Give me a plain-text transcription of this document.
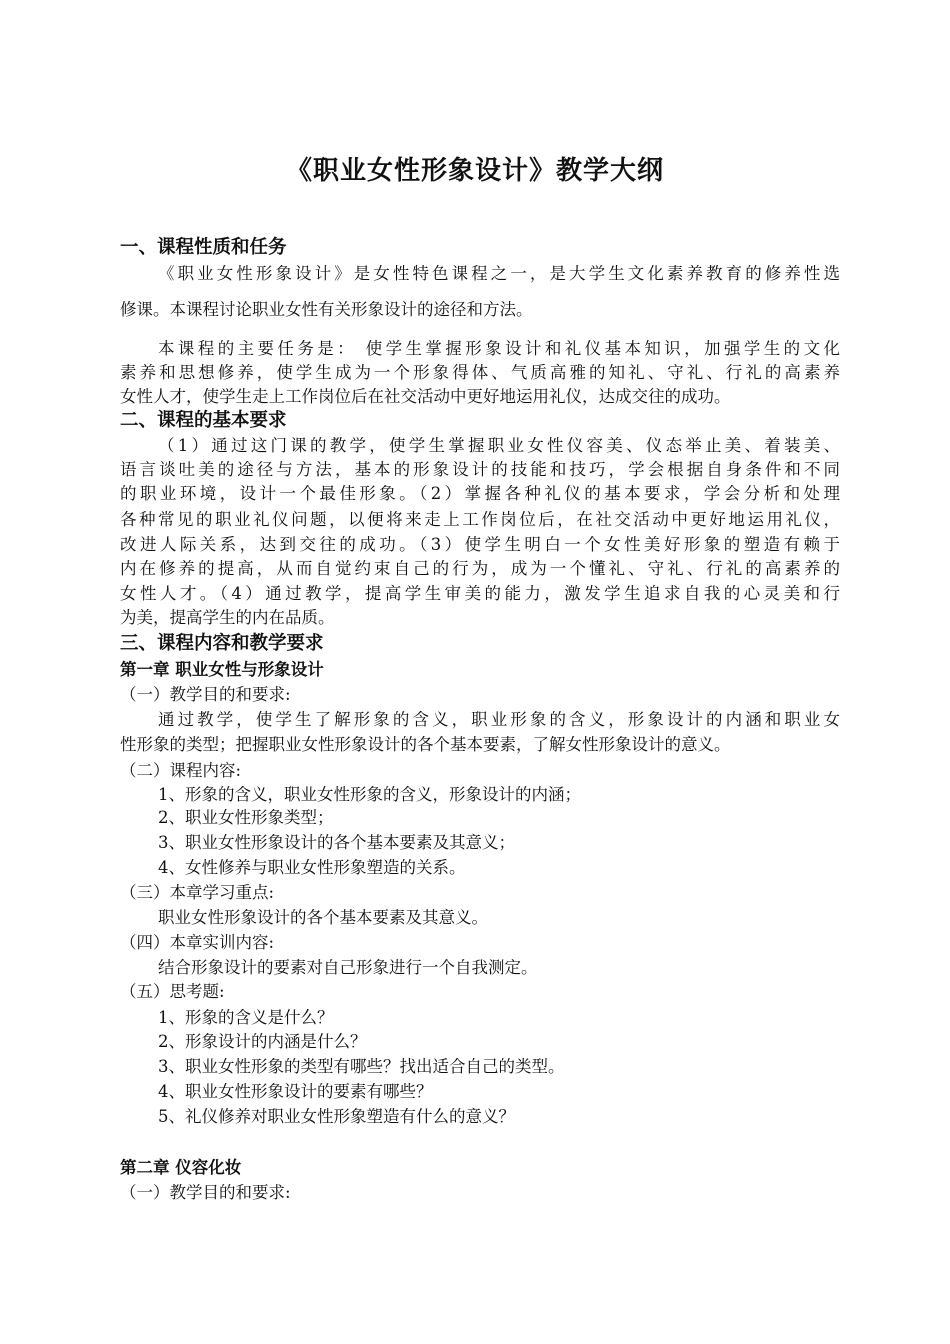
《职业女性形象设计》教学大纲
一、课程性质和任务
《职业女性形象设计》是女性特色课程之一，是大学生文化素养教育的修养性选
修课。本课程讨论职业女性有关形象设计的途径和方法。
本课程的主要任务是： 使学生掌握形象设计和礼仪基本知识，加强学生的文化
素养和思想修养，使学生成为一个形象得体、气质高雅的知礼、守礼、行礼的高素养
女性人才，使学生走上工作岗位后在社交活动中更好地运用礼仪，达成交往的成功。
二、课程的基本要求
（1）通过这门课的教学，使学生掌握职业女性仪容美、仪态举止美、着装美、
语言谈吐美的途径与方法，基本的形象设计的技能和技巧，学会根据自身条件和不同
的职业环境，设计一个最佳形象。（2）掌握各种礼仪的基本要求，学会分析和处理
各种常见的职业礼仪问题，以便将来走上工作岗位后，在社交活动中更好地运用礼仪，
改进人际关系，达到交往的成功。（3）使学生明白一个女性美好形象的塑造有赖于
内在修养的提高，从而自觉约束自己的行为，成为一个懂礼、守礼、行礼的高素养的
女性人才。（4）通过教学，提高学生审美的能力，激发学生追求自我的心灵美和行
为美，提高学生的内在品质。
三、课程内容和教学要求
第一章 职业女性与形象设计
（一）教学目的和要求:
通过教学，使学生了解形象的含义，职业形象的含义，形象设计的内涵和职业女
性形象的类型；把握职业女性形象设计的各个基本要素，了解女性形象设计的意义。
（二）课程内容:
1、形象的含义，职业女性形象的含义，形象设计的内涵；
2、职业女性形象类型；
3、职业女性形象设计的各个基本要素及其意义；
4、女性修养与职业女性形象塑造的关系。
（三）本章学习重点:
职业女性形象设计的各个基本要素及其意义。
（四）本章实训内容:
结合形象设计的要素对自己形象进行一个自我测定。
（五）思考题:
1、形象的含义是什么？
2、形象设计的内涵是什么？
3、职业女性形象的类型有哪些？找出适合自己的类型。
4、职业女性形象设计的要素有哪些？
5、礼仪修养对职业女性形象塑造有什么的意义？
第二章 仪容化妆
（一）教学目的和要求:
